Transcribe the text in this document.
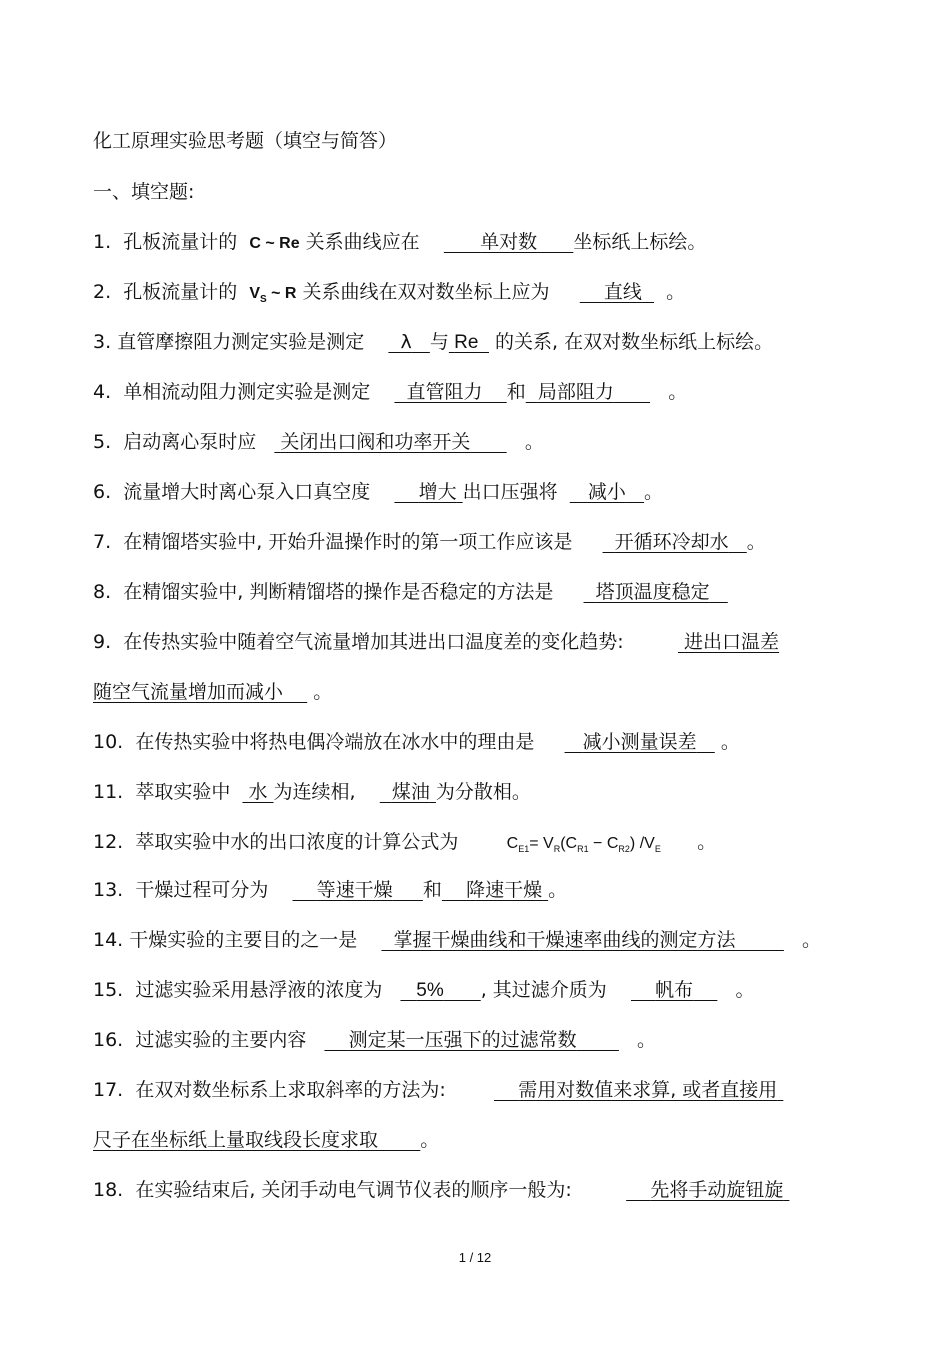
化工原理实验思考题（填空与简答）
一、填空题:
1. 孔板流量计的 C ~ Re 关系曲线应在	单对数 坐标纸上标绘。
2. 孔板流量计的 $V_S$ ~ R 关系曲线在双对数坐标上应为	直线 。
3. 直管摩擦阻力测定实验是测定 λ 与 Re 的关系, 在双对数坐标纸上标绘。
4. 单相流动阻力测定实验是测定 直管阻力 和 局部阻力	。
5. 启动离心泵时应 关闭出口阀和功率开关	。
6. 流量增大时离心泵入口真空度	增大 出口压强将 减小 。
7. 在精馏塔实验中, 开始升温操作时的第一项工作应该是 开循环冷却水 。
8. 在精馏实验中, 判断精馏塔的操作是否稳定的方法是 塔顶温度稳定
9. 在传热实验中随着空气流量增加其进出口温度差的变化趋势:	进出口温差
随空气流量增加而减小 。
10. 在传热实验中将热电偶冷端放在冰水中的理由是	减小测量误差 。
11. 萃取实验中 水 为连续相, 煤油 为分散相。
12. 萃取实验中水的出口浓度的计算公式为	$C_{E1}= V_R(C_{R1} - C_{R2})$ $/V_E$ 。
13. 干燥过程可分为	等速干燥 和 降速干燥 。
14. 干燥实验的主要目的之一是 掌握干燥曲线和干燥速率曲线的测定方法	。
15. 过滤实验采用悬浮液的浓度为 5% , 其过滤介质为	帆布 。
16. 过滤实验的主要内容 测定某一压强下的过滤常数	。
17. 在双对数坐标系上求取斜率的方法为:	需用对数值来求算, 或者直接用
尺子在坐标纸上量取线段长度求取 。
18. 在实验结束后, 关闭手动电气调节仪表的顺序一般为:	先将手动旋钮旋
1 / 12
